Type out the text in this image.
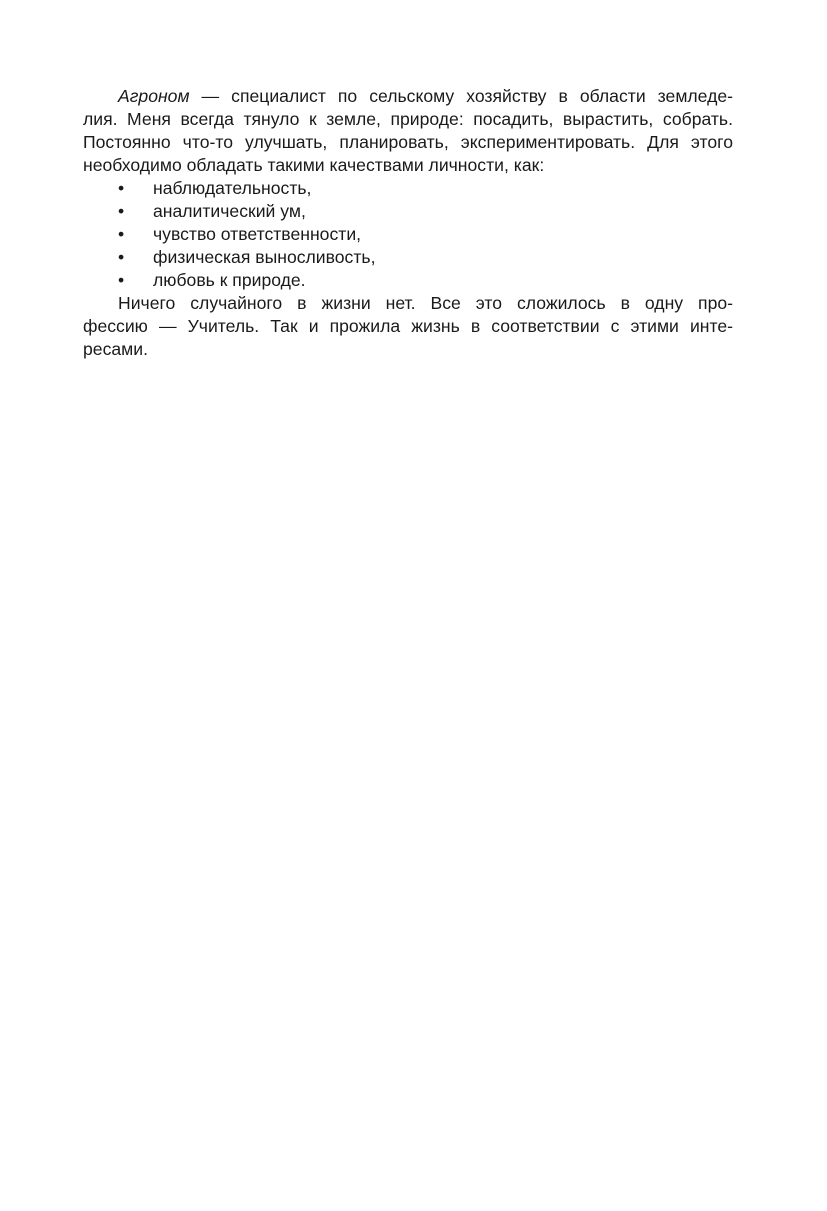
Агроном — специалист по сельскому хозяйству в области земледе-
лия. Меня всегда тянуло к земле, природе: посадить, вырастить, собрать.
Постоянно что-то улучшать, планировать, экспериментировать. Для этого
необходимо обладать такими качествами личности, как:
• наблюдательность,
• аналитический ум,
• чувство ответственности,
• физическая выносливость,
• любовь к природе.
Ничего случайного в жизни нет. Все это сложилось в одну про-
фессию — Учитель. Так и прожила жизнь в соответствии с этими инте-
ресами.
